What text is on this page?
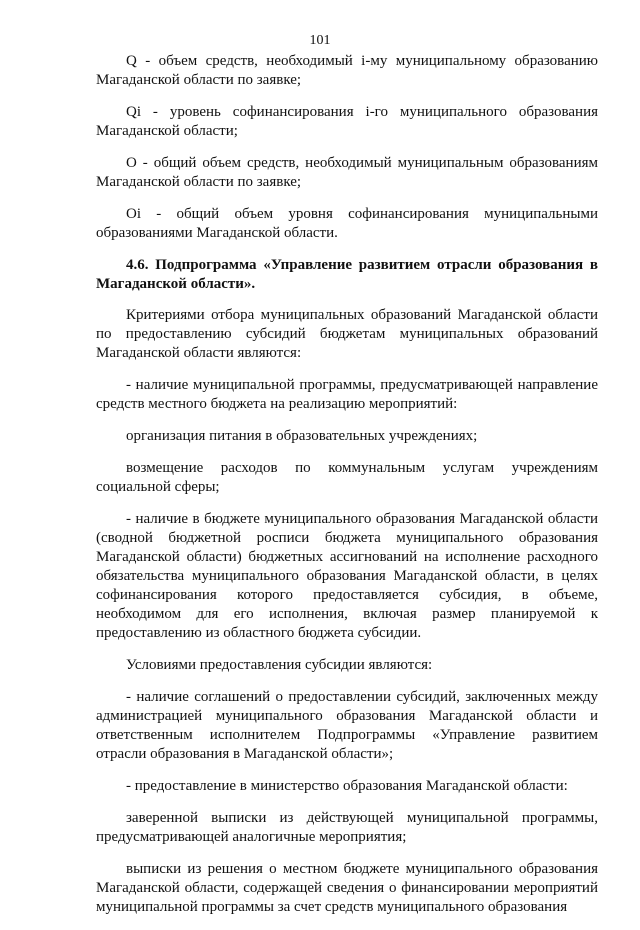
101

Q - объем средств, необходимый i-му муниципальному образованию Магаданской области по заявке;

Qi - уровень софинансирования i-го муниципального образования Магаданской области;

О - общий объем средств, необходимый муниципальным образованиям Магаданской области по заявке;

Оi - общий объем уровня софинансирования муниципальными образованиями Магаданской области.

4.6. Подпрограмма «Управление развитием отрасли образования в Магаданской области».

Критериями отбора муниципальных образований Магаданской области по предоставлению субсидий бюджетам муниципальных образований Магаданской области являются:

- наличие муниципальной программы, предусматривающей направление средств местного бюджета на реализацию мероприятий:

организация питания в образовательных учреждениях;

возмещение расходов по коммунальным услугам учреждениям социальной сферы;

- наличие в бюджете муниципального образования Магаданской области (сводной бюджетной росписи бюджета муниципального образования Магаданской области) бюджетных ассигнований на исполнение расходного обязательства муниципального образования Магаданской области, в целях софинансирования которого предоставляется субсидия, в объеме, необходимом для его исполнения, включая размер планируемой к предоставлению из областного бюджета субсидии.

Условиями предоставления субсидии являются:

- наличие соглашений о предоставлении субсидий, заключенных между администрацией муниципального образования Магаданской области и ответственным исполнителем Подпрограммы «Управление развитием отрасли образования в Магаданской области»;

- предоставление в министерство образования Магаданской области:

заверенной выписки из действующей муниципальной программы, предусматривающей аналогичные мероприятия;

выписки из решения о местном бюджете муниципального образования Магаданской области, содержащей сведения о финансировании мероприятий муниципальной программы за счет средств муниципального образования
